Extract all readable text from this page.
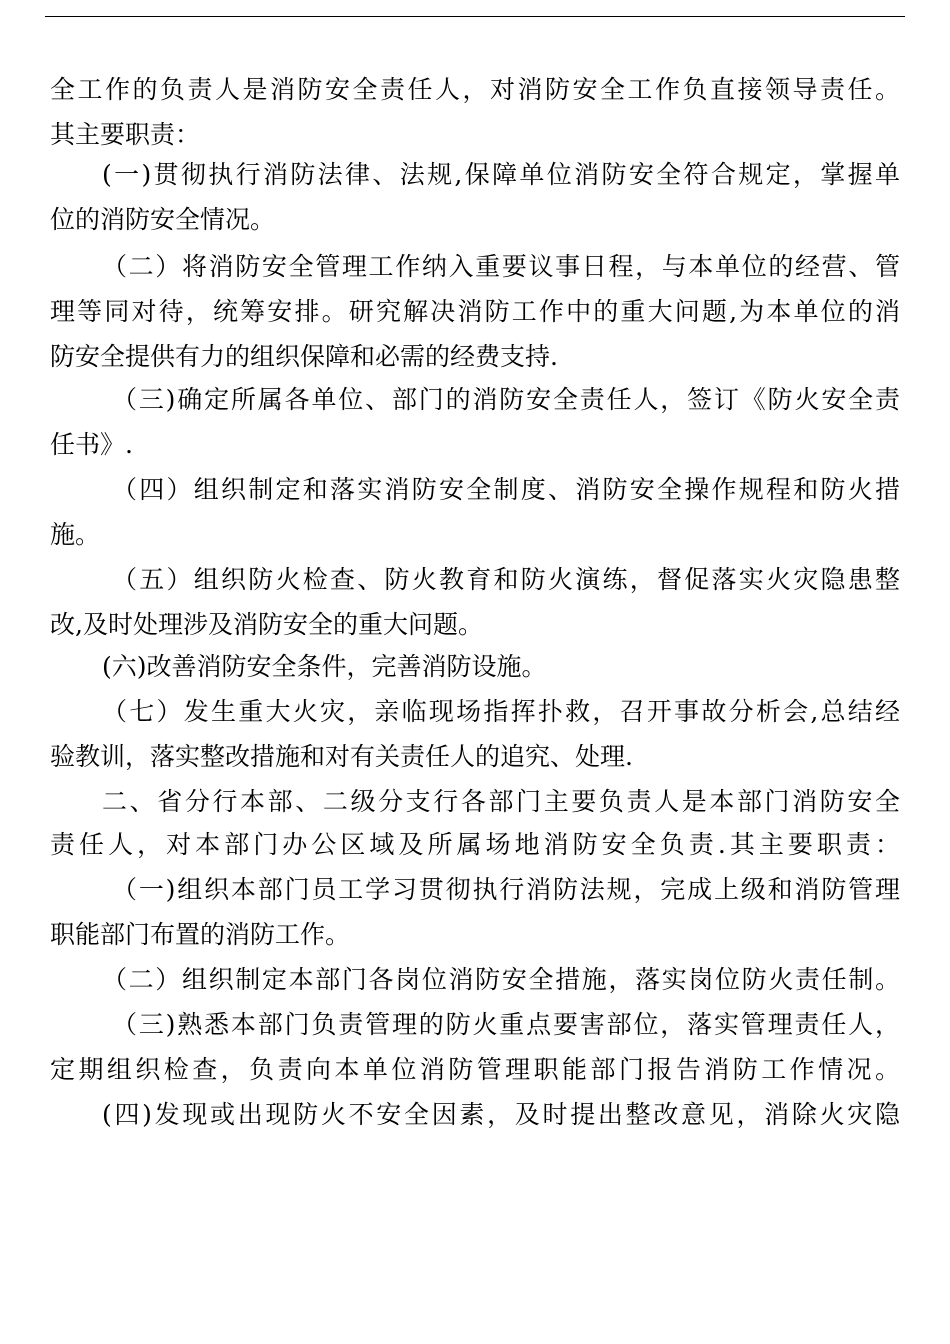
全工作的负责人是消防安全责任人，对消防安全工作负直接领导责任。
其主要职责：
(一)贯彻执行消防法律、法规,保障单位消防安全符合规定，掌握单
位的消防安全情况。
（二）将消防安全管理工作纳入重要议事日程，与本单位的经营、管
理等同对待，统筹安排。研究解决消防工作中的重大问题,为本单位的消
防安全提供有力的组织保障和必需的经费支持.
（三)确定所属各单位、部门的消防安全责任人，签订《防火安全责
任书》.
（四）组织制定和落实消防安全制度、消防安全操作规程和防火措
施。
（五）组织防火检查、防火教育和防火演练，督促落实火灾隐患整
改,及时处理涉及消防安全的重大问题。
(六)改善消防安全条件，完善消防设施。
（七）发生重大火灾，亲临现场指挥扑救，召开事故分析会,总结经
验教训，落实整改措施和对有关责任人的追究、处理.
二、省分行本部、二级分支行各部门主要负责人是本部门消防安全
责任人，对本部门办公区域及所属场地消防安全负责.其主要职责：
（一)组织本部门员工学习贯彻执行消防法规，完成上级和消防管理
职能部门布置的消防工作。
（二）组织制定本部门各岗位消防安全措施，落实岗位防火责任制。
（三)熟悉本部门负责管理的防火重点要害部位，落实管理责任人，
定期组织检查，负责向本单位消防管理职能部门报告消防工作情况。
(四)发现或出现防火不安全因素，及时提出整改意见，消除火灾隐
